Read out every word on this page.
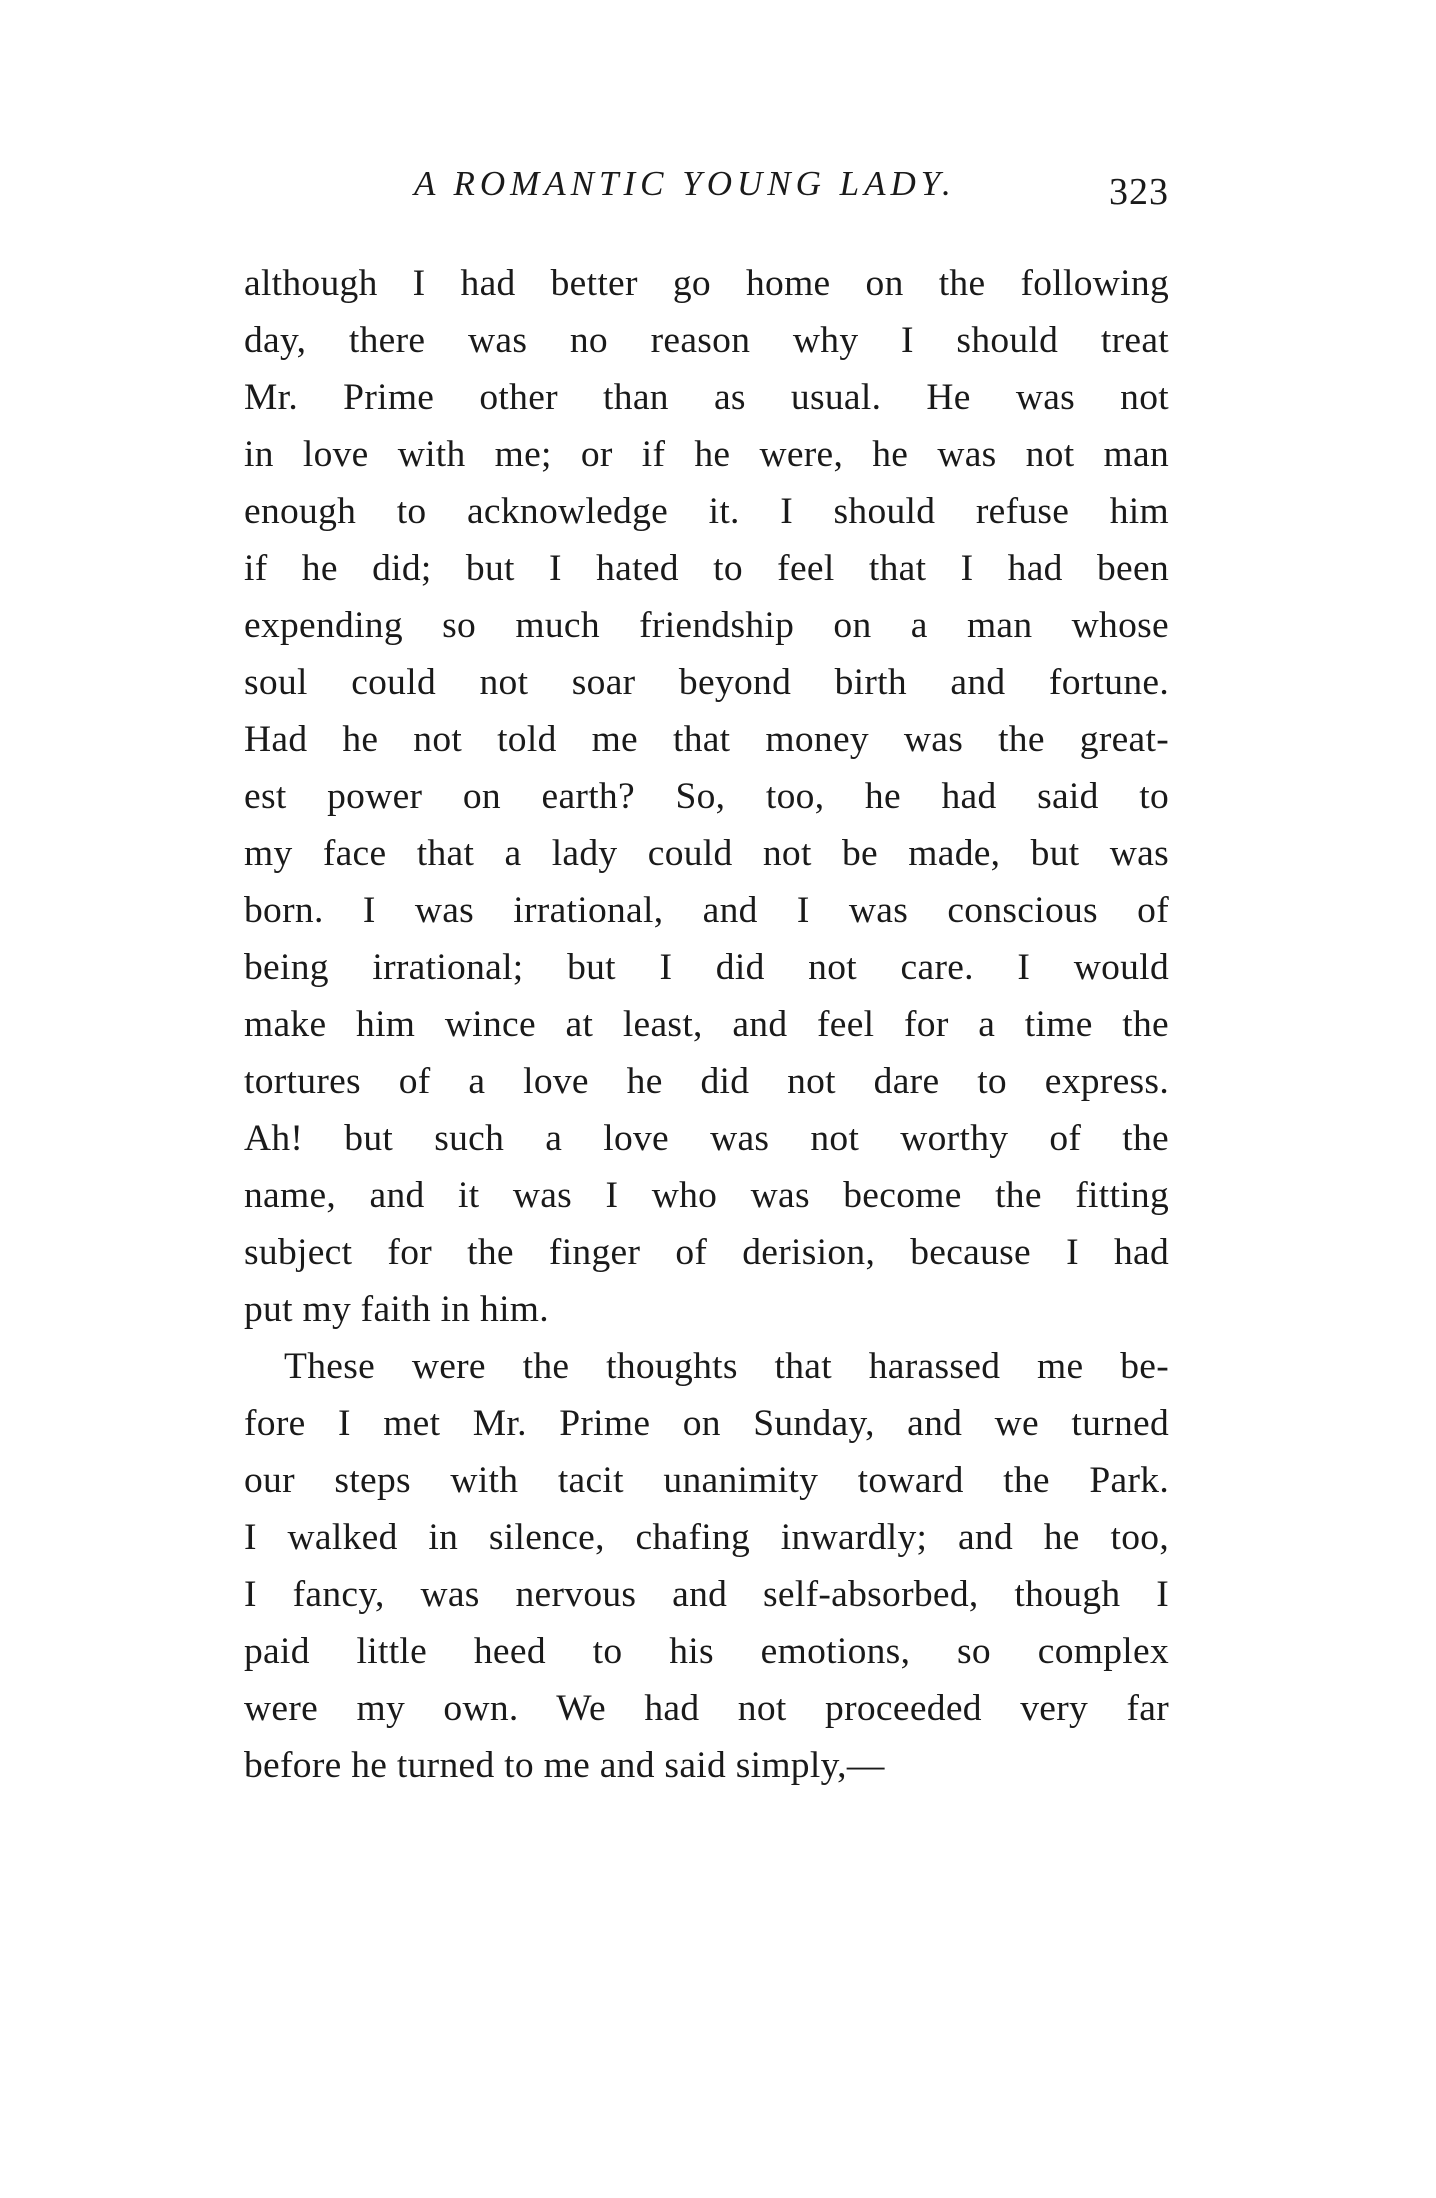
A ROMANTIC YOUNG LADY.	323
although I had better go home on the following
day, there was no reason why I should treat
Mr. Prime other than as usual. He was not
in love with me; or if he were, he was not man
enough to acknowledge it. I should refuse him
if he did; but I hated to feel that I had been
expending so much friendship on a man whose
soul could not soar beyond birth and fortune.
Had he not told me that money was the great-
est power on earth? So, too, he had said to
my face that a lady could not be made, but was
born. I was irrational, and I was conscious of
being irrational; but I did not care. I would
make him wince at least, and feel for a time the
tortures of a love he did not dare to express.
Ah! but such a love was not worthy of the
name, and it was I who was become the fitting
subject for the finger of derision, because I had
put my faith in him.
These were the thoughts that harassed me be-
fore I met Mr. Prime on Sunday, and we turned
our steps with tacit unanimity toward the Park.
I walked in silence, chafing inwardly; and he too,
I fancy, was nervous and self-absorbed, though I
paid little heed to his emotions, so complex
were my own. We had not proceeded very far
before he turned to me and said simply,—
